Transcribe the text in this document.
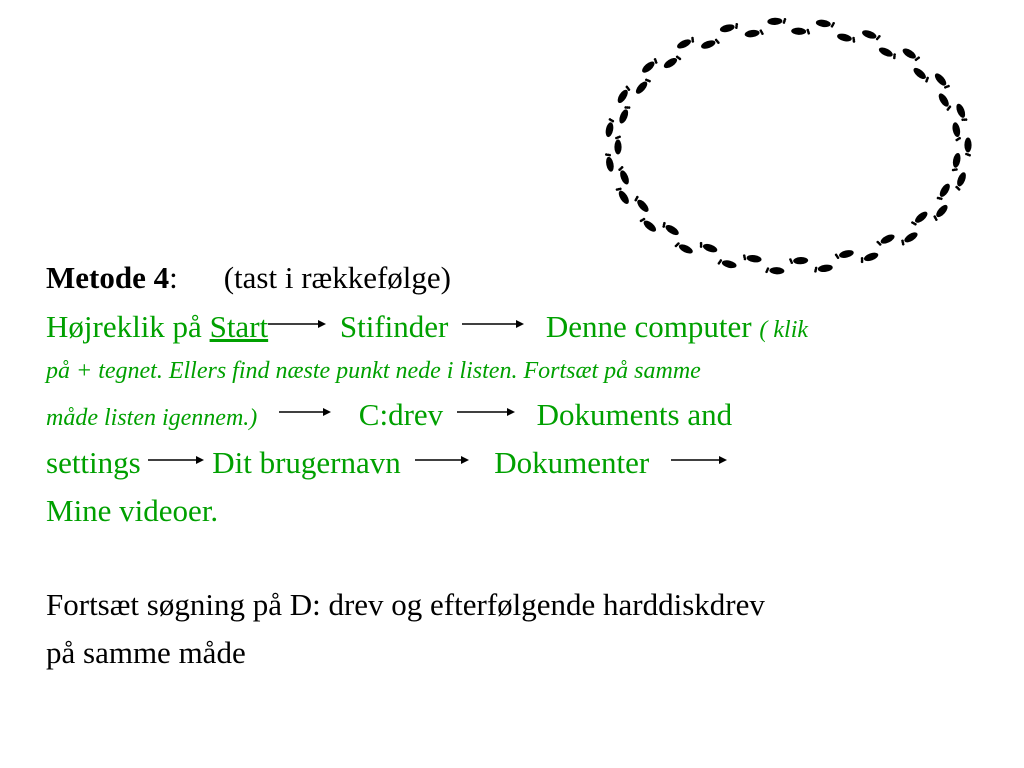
Metode 4: (tast i rækkefølge)
Højreklik på Start Stifinder	Denne computer ( klik
på + tegnet. Ellers find næste punkt nede i listen. Fortsæt på samme
måde listen igennem.)	C:drev	Dokuments and
settings Dit brugernavn	Dokumenter
Mine videoer.
Fortsæt søgning på D: drev og efterfølgende harddiskdrev
på samme måde
